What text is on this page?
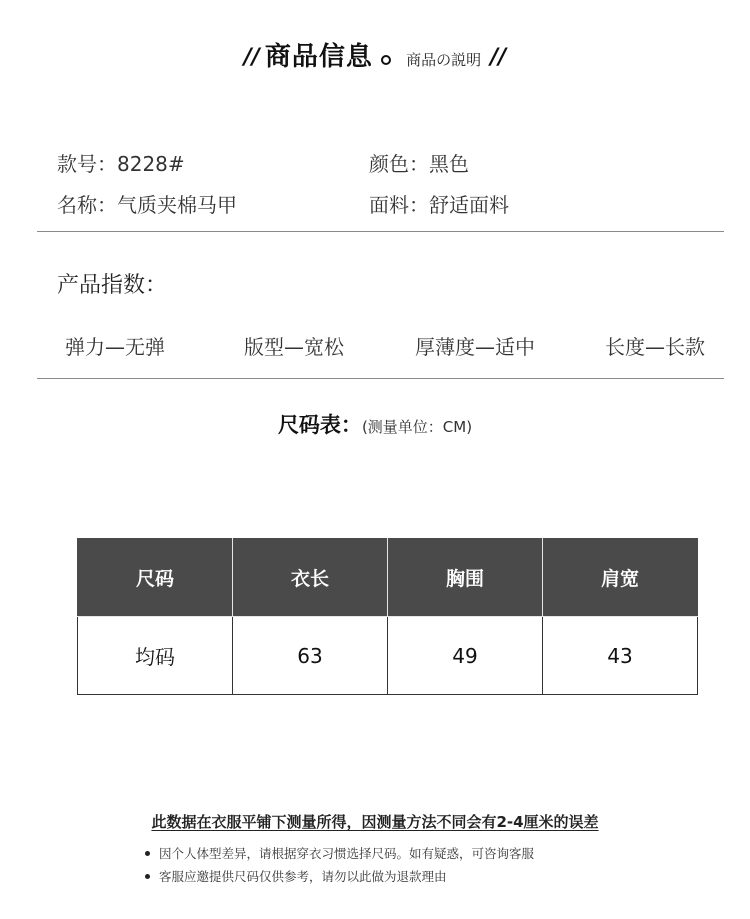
// 商品信息 商品の説明 //
款号：8228#	颜色：黑色
名称：气质夹棉马甲	面料：舒适面料
产品指数：
弹力—无弹	版型—宽松	厚薄度—适中	长度—长款
尺码表：(测量单位：CM)
尺码	衣长	胸围	肩宽
均码	63	49	43
此数据在衣服平铺下测量所得，因测量方法不同会有2-4厘米的误差
因个人体型差异，请根据穿衣习惯选择尺码。如有疑惑，可咨询客服
客服应邀提供尺码仅供参考，请勿以此做为退款理由
